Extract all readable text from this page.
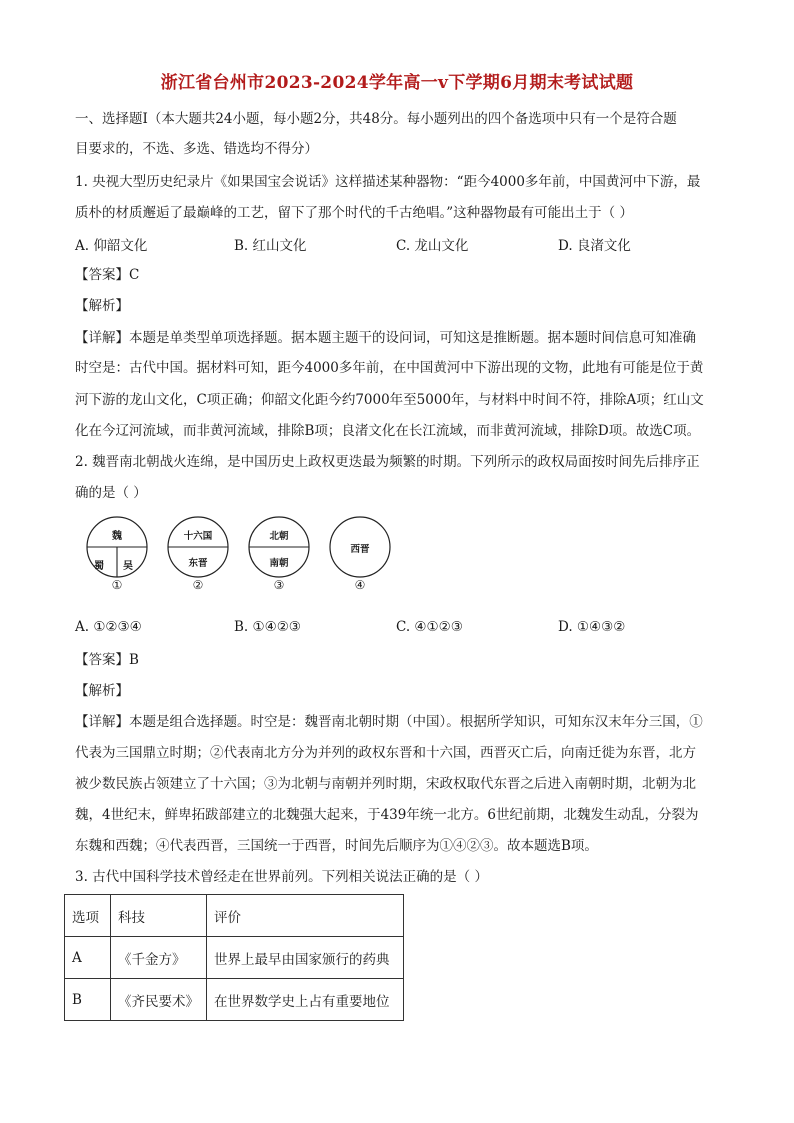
浙江省台州市2023-2024学年高一v下学期6月期末考试试题
一、选择题Ⅰ（本大题共24小题，每小题2分，共48分。每小题列出的四个备选项中只有一个是符合题
目要求的，不选、多选、错选均不得分）
1. 央视大型历史纪录片《如果国宝会说话》这样描述某种器物：“距今4000多年前，中国黄河中下游，最
质朴的材质邂逅了最巅峰的工艺，留下了那个时代的千古绝唱。”这种器物最有可能出土于（ ）
A. 仰韶文化	B. 红山文化	C. 龙山文化	D. 良渚文化
【答案】C
【解析】
【详解】本题是单类型单项选择题。据本题主题干的设问词，可知这是推断题。据本题时间信息可知准确
时空是：古代中国。据材料可知，距今4000多年前，在中国黄河中下游出现的文物，此地有可能是位于黄
河下游的龙山文化，C项正确；仰韶文化距今约7000年至5000年，与材料中时间不符，排除A项；红山文
化在今辽河流域，而非黄河流域，排除B项；良渚文化在长江流域，而非黄河流域，排除D项。故选C项。
2. 魏晋南北朝战火连绵，是中国历史上政权更迭最为频繁的时期。下列所示的政权局面按时间先后排序正
确的是（ ）
魏
蜀 吴
①
十六国
东晋
②
北朝
南朝
③
西晋
④
A. ①②③④	B. ①④②③	C. ④①②③	D. ①④③②
【答案】B
【解析】
【详解】本题是组合选择题。时空是：魏晋南北朝时期（中国）。根据所学知识，可知东汉末年分三国，①
代表为三国鼎立时期；②代表南北方分为并列的政权东晋和十六国，西晋灭亡后，向南迁徙为东晋，北方
被少数民族占领建立了十六国；③为北朝与南朝并列时期，宋政权取代东晋之后进入南朝时期，北朝为北
魏，4世纪末，鲜卑拓跋部建立的北魏强大起来，于439年统一北方。6世纪前期，北魏发生动乱，分裂为
东魏和西魏；④代表西晋，三国统一于西晋，时间先后顺序为①④②③。故本题选B项。
3. 古代中国科学技术曾经走在世界前列。下列相关说法正确的是（ ）
选项	科技	评价
A	《千金方》	世界上最早由国家颁行的药典
B	《齐民要术》	在世界数学史上占有重要地位
